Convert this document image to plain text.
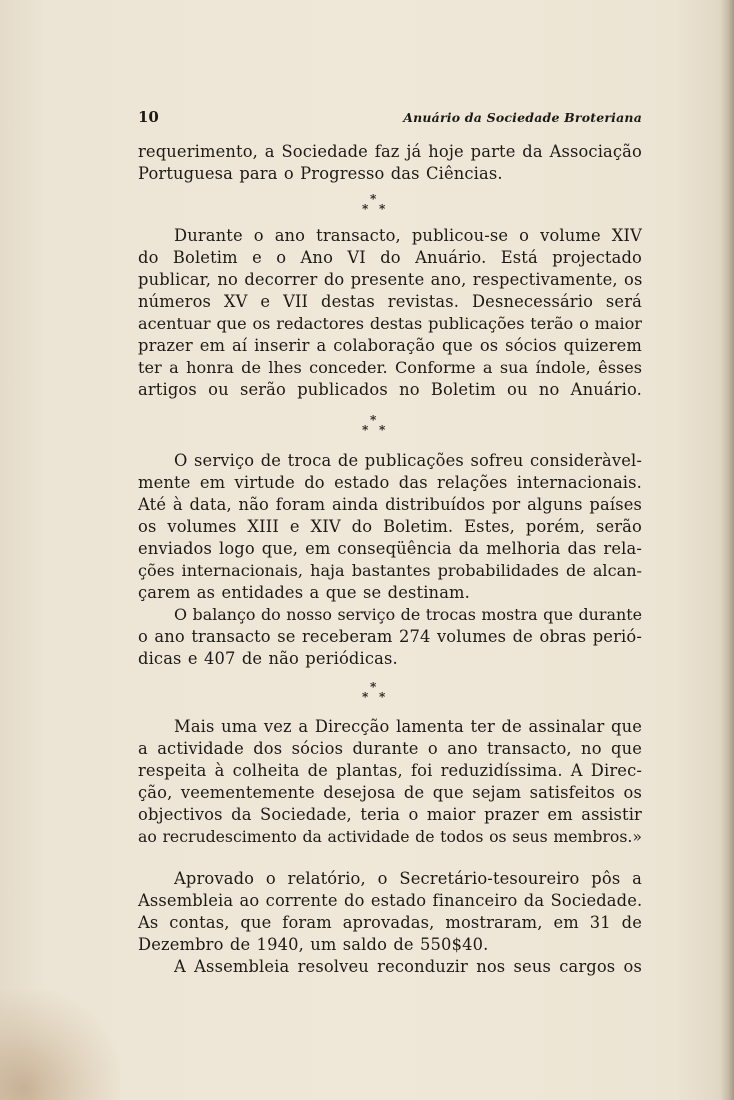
10	Anuário da Sociedade Broteriana
requerimento, a Sociedade faz já hoje parte da Associação
Portuguesa para o Progresso das Ciências.
*
* *
Durante o ano transacto, publicou-se o volume XIV
do Boletim e o Ano VI do Anuário. Está projectado
publicar, no decorrer do presente ano, respectivamente, os
números XV e VII destas revistas. Desnecessário será
acentuar que os redactores destas publicações terão o maior
prazer em aí inserir a colaboração que os sócios quizerem
ter a honra de lhes conceder. Conforme a sua índole, êsses
artigos ou serão publicados no Boletim ou no Anuário.
*
* *
O serviço de troca de publicações sofreu consideràvel-
mente em virtude do estado das relações internacionais.
Até à data, não foram ainda distribuídos por alguns países
os volumes XIII e XIV do Boletim. Estes, porém, serão
enviados logo que, em conseqüência da melhoria das rela-
ções internacionais, haja bastantes probabilidades de alcan-
çarem as entidades a que se destinam.
O balanço do nosso serviço de trocas mostra que durante
o ano transacto se receberam 274 volumes de obras perió-
dicas e 407 de não periódicas.
*
* *
Mais uma vez a Direcção lamenta ter de assinalar que
a actividade dos sócios durante o ano transacto, no que
respeita à colheita de plantas, foi reduzidíssima. A Direc-
ção, veementemente desejosa de que sejam satisfeitos os
objectivos da Sociedade, teria o maior prazer em assistir
ao recrudescimento da actividade de todos os seus membros.»
Aprovado o relatório, o Secretário-tesoureiro pôs a
Assembleia ao corrente do estado financeiro da Sociedade.
As contas, que foram aprovadas, mostraram, em 31 de
Dezembro de 1940, um saldo de 550$40.
A Assembleia resolveu reconduzir nos seus cargos os
